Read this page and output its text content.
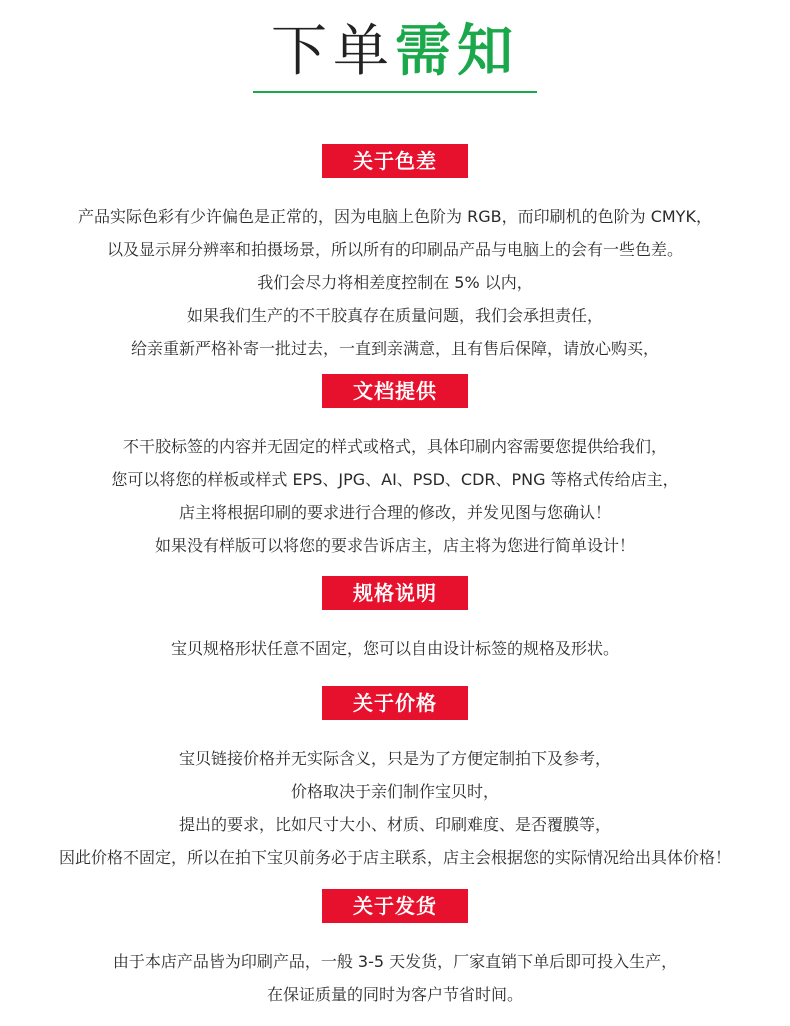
下单需知
关于色差
产品实际色彩有少许偏色是正常的，因为电脑上色阶为 RGB，而印刷机的色阶为 CMYK，
以及显示屏分辨率和拍摄场景，所以所有的印刷品产品与电脑上的会有一些色差。
我们会尽力将相差度控制在 5% 以内，
如果我们生产的不干胶真存在质量问题，我们会承担责任，
给亲重新严格补寄一批过去，一直到亲满意，且有售后保障，请放心购买，
文档提供
不干胶标签的内容并无固定的样式或格式，具体印刷内容需要您提供给我们，
您可以将您的样板或样式 EPS、JPG、AI、PSD、CDR、PNG 等格式传给店主，
店主将根据印刷的要求进行合理的修改，并发见图与您确认！
如果没有样版可以将您的要求告诉店主，店主将为您进行简单设计！
规格说明
宝贝规格形状任意不固定，您可以自由设计标签的规格及形状。
关于价格
宝贝链接价格并无实际含义，只是为了方便定制拍下及参考，
价格取决于亲们制作宝贝时，
提出的要求，比如尺寸大小、材质、印刷难度、是否覆膜等，
因此价格不固定，所以在拍下宝贝前务必于店主联系，店主会根据您的实际情况给出具体价格！
关于发货
由于本店产品皆为印刷产品，一般 3-5 天发货，厂家直销下单后即可投入生产，
在保证质量的同时为客户节省时间。
